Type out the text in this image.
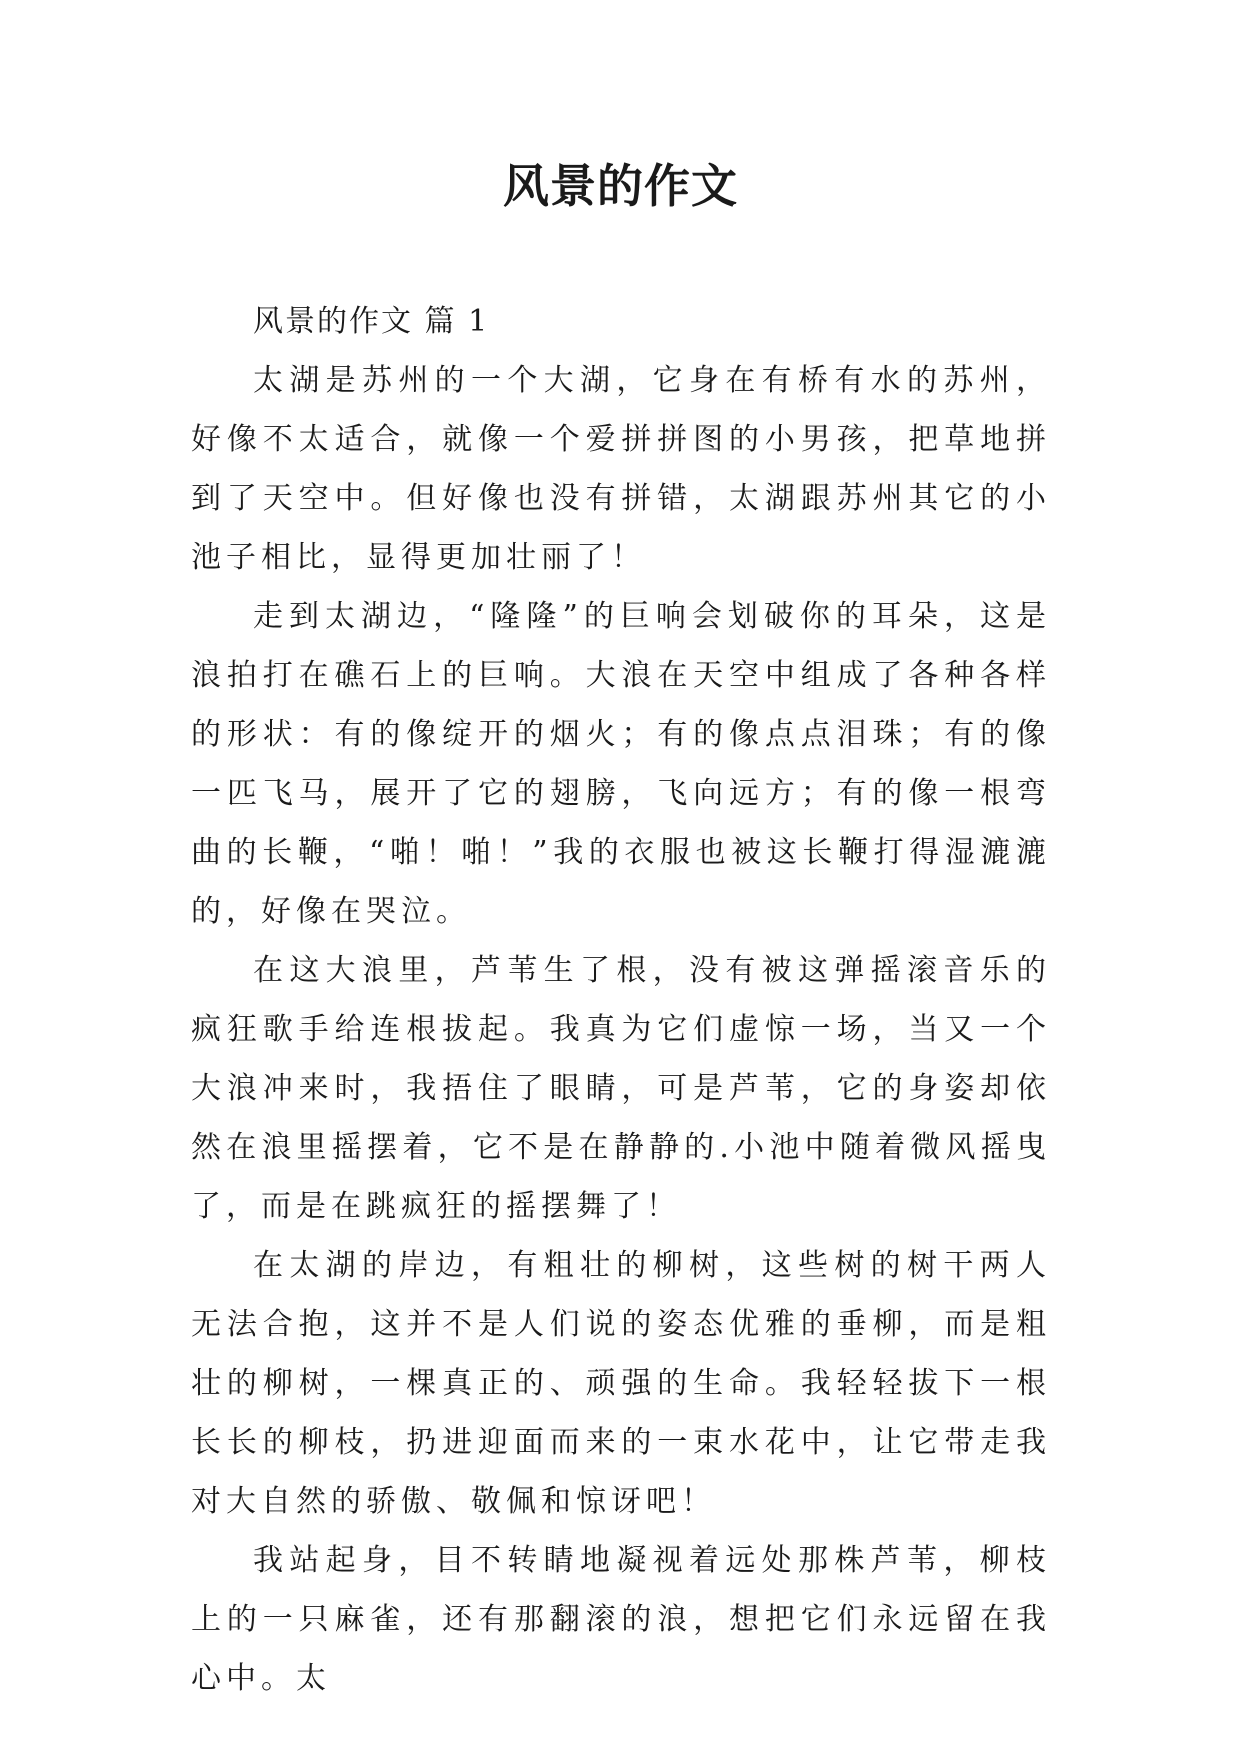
风景的作文

风景的作文 篇 1

太湖是苏州的一个大湖，它身在有桥有水的苏州，好像不太适合，就像一个爱拼拼图的小男孩，把草地拼到了天空中。但好像也没有拼错，太湖跟苏州其它的小池子相比，显得更加壮丽了！

走到太湖边，“隆隆”的巨响会划破你的耳朵，这是浪拍打在礁石上的巨响。大浪在天空中组成了各种各样的形状：有的像绽开的烟火；有的像点点泪珠；有的像一匹飞马，展开了它的翅膀，飞向远方；有的像一根弯曲的长鞭，“啪！啪！”我的衣服也被这长鞭打得湿漉漉的，好像在哭泣。

在这大浪里，芦苇生了根，没有被这弹摇滚音乐的疯狂歌手给连根拔起。我真为它们虚惊一场，当又一个大浪冲来时，我捂住了眼睛，可是芦苇，它的身姿却依然在浪里摇摆着，它不是在静静的.小池中随着微风摇曳了，而是在跳疯狂的摇摆舞了！

在太湖的岸边，有粗壮的柳树，这些树的树干两人无法合抱，这并不是人们说的姿态优雅的垂柳，而是粗壮的柳树，一棵真正的、顽强的生命。我轻轻拔下一根长长的柳枝，扔进迎面而来的一束水花中，让它带走我对大自然的骄傲、敬佩和惊讶吧！

我站起身，目不转睛地凝视着远处那株芦苇，柳枝上的一只麻雀，还有那翻滚的浪，想把它们永远留在我心中。太
